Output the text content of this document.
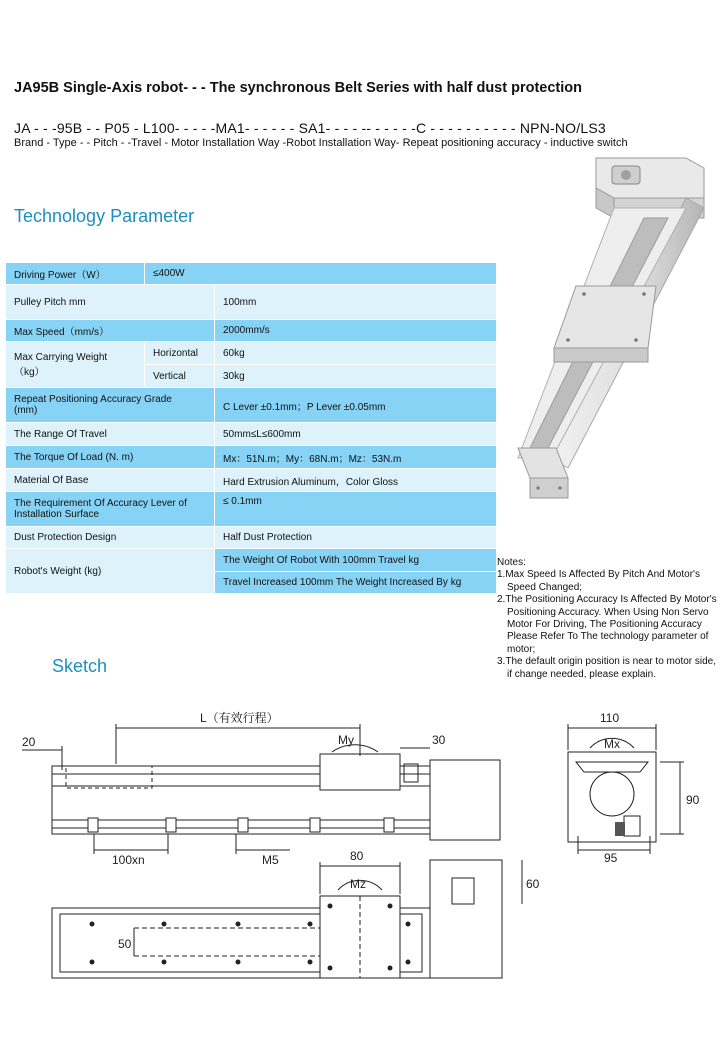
JA95B Single-Axis robot- - - The synchronous Belt Series with half dust protection
JA - - -95B - - P05 - L100- - - - -MA1- - - - - - SA1- - - - -- - - - - -C - - - - - - - - - - NPN-NO/LS3
Brand - Type - - Pitch - -Travel - Motor Installation Way -Robot Installation Way- Repeat positioning accuracy - inductive switch
Technology Parameter
Driving Power（W）	≤400W	
Pulley Pitch mm		100mm
Max Speed（mm/s）		2000mm/s
Max Carrying Weight
（kg）	Horizontal	60kg
	Vertical	30kg
Repeat Positioning Accuracy Grade
(mm)		C Lever ±0.1mm；P Lever ±0.05mm
The Range Of Travel		50mm≤L≤600mm
The Torque Of Load (N. m)		Mx：51N.m；My：68N.m；Mz：53N.m
Material Of Base		Hard Extrusion Aluminum，Color Gloss
The Requirement Of Accuracy Lever of
Installation Surface		≤ 0.1mm
Dust Protection Design		Half Dust Protection
Robot's Weight (kg)		The Weight Of Robot With 100mm Travel kg
		Travel Increased 100mm The Weight Increased By kg
Notes:
1.Max Speed Is Affected By Pitch And Motor's Speed Changed;
2.The Positioning Accuracy Is Affected By Motor's Positioning Accuracy. When Using Non Servo Motor For Driving, The Positioning Accuracy Please Refer To The technology parameter of motor;
3.The default origin position is near to motor side, if change needed, please explain.
Sketch
20
L（有效行程）
My	30
100xn	M5
110
Mx
90
95
80
Mz	60
50
